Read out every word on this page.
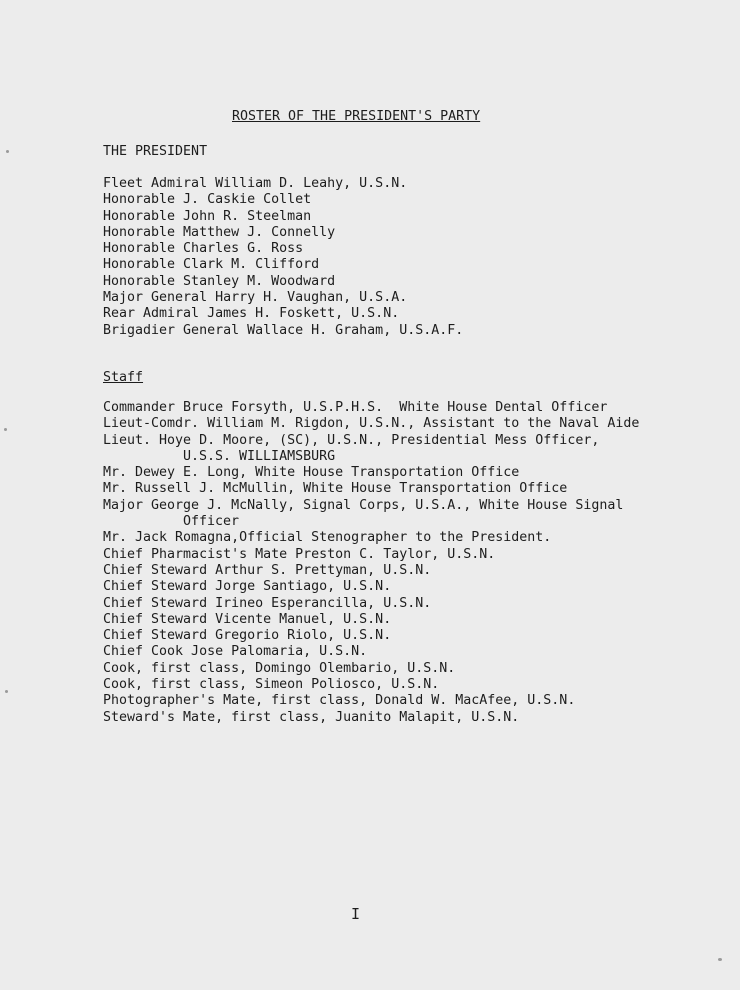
ROSTER OF THE PRESIDENT'S PARTY
THE PRESIDENT
Fleet Admiral William D. Leahy, U.S.N.
Honorable J. Caskie Collet
Honorable John R. Steelman
Honorable Matthew J. Connelly
Honorable Charles G. Ross
Honorable Clark M. Clifford
Honorable Stanley M. Woodward
Major General Harry H. Vaughan, U.S.A.
Rear Admiral James H. Foskett, U.S.N.
Brigadier General Wallace H. Graham, U.S.A.F.
Staff
Commander Bruce Forsyth, U.S.P.H.S.  White House Dental Officer
Lieut-Comdr. William M. Rigdon, U.S.N., Assistant to the Naval Aide
Lieut. Hoye D. Moore, (SC), U.S.N., Presidential Mess Officer,
U.S.S. WILLIAMSBURG
Mr. Dewey E. Long, White House Transportation Office
Mr. Russell J. McMullin, White House Transportation Office
Major George J. McNally, Signal Corps, U.S.A., White House Signal
Officer
Mr. Jack Romagna,Official Stenographer to the President.
Chief Pharmacist's Mate Preston C. Taylor, U.S.N.
Chief Steward Arthur S. Prettyman, U.S.N.
Chief Steward Jorge Santiago, U.S.N.
Chief Steward Irineo Esperancilla, U.S.N.
Chief Steward Vicente Manuel, U.S.N.
Chief Steward Gregorio Riolo, U.S.N.
Chief Cook Jose Palomaria, U.S.N.
Cook, first class, Domingo Olembario, U.S.N.
Cook, first class, Simeon Poliosco, U.S.N.
Photographer's Mate, first class, Donald W. MacAfee, U.S.N.
Steward's Mate, first class, Juanito Malapit, U.S.N.
I
